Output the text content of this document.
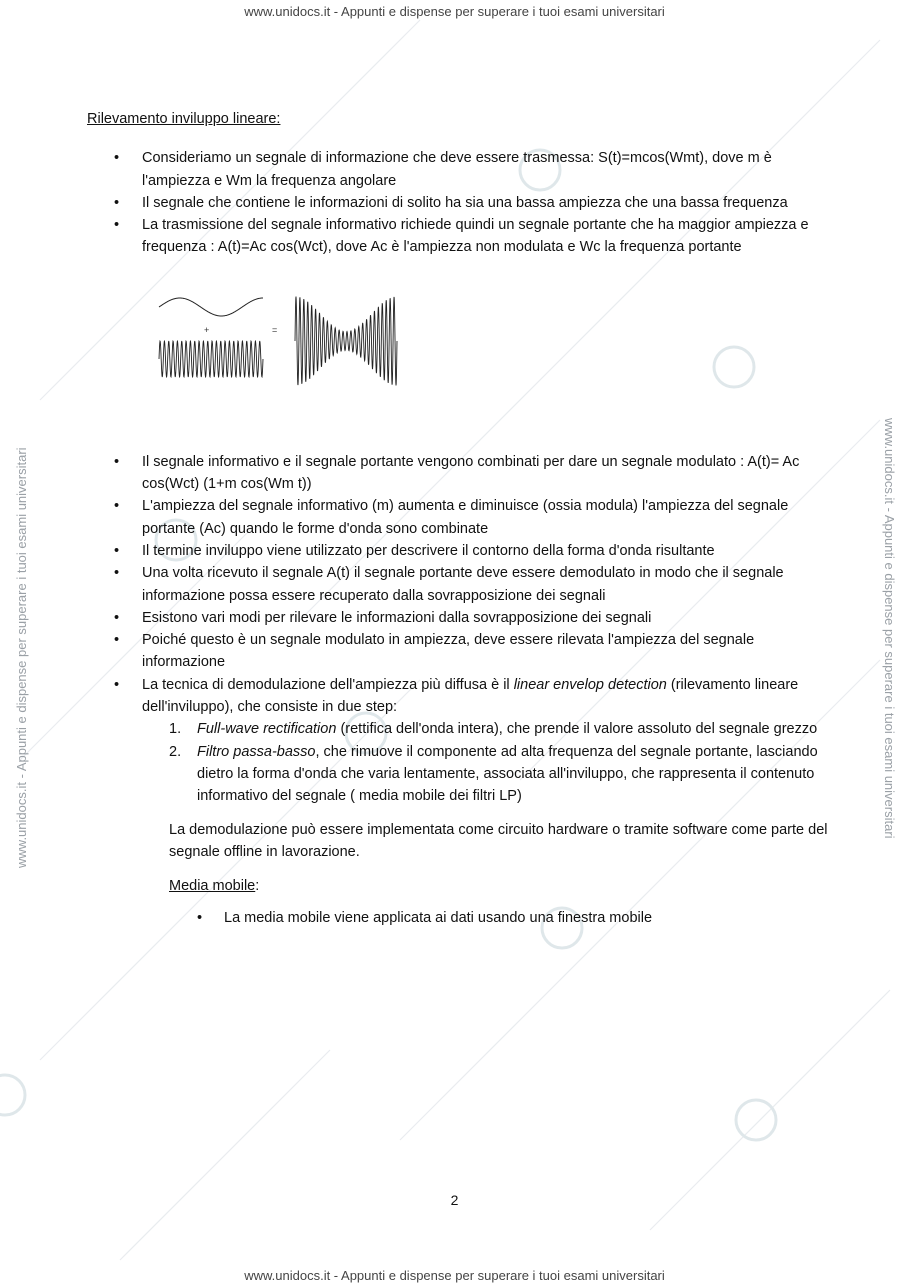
www.unidocs.it - Appunti e dispense per superare i tuoi esami universitari
www.unidocs.it - Appunti e dispense per superare i tuoi esami universitari
www.unidocs.it - Appunti e dispense per superare i tuoi esami universitari	www.unidocs.it - Appunti e dispense per superare i tuoi esami universitari
Rilevamento inviluppo lineare:
• Consideriamo un segnale di informazione che deve essere trasmessa: S(t)=mcos(Wmt), dove m è l'ampiezza e Wm la frequenza angolare
• Il segnale che contiene le informazioni di solito ha sia una bassa ampiezza che una bassa frequenza
• La trasmissione del segnale informativo richiede quindi un segnale portante che ha maggior ampiezza e frequenza : A(t)=Ac cos(Wct), dove Ac è l'ampiezza non modulata e Wc la frequenza portante
+	=
• Il segnale informativo e il segnale portante vengono combinati per dare un segnale modulato : A(t)= Ac cos(Wct) (1+m cos(Wm t))
• L'ampiezza del segnale informativo (m) aumenta e diminuisce (ossia modula) l'ampiezza del segnale portante (Ac) quando le forme d'onda sono combinate
• Il termine inviluppo viene utilizzato per descrivere il contorno della forma d'onda risultante
• Una volta ricevuto il segnale A(t) il segnale portante deve essere demodulato in modo che il segnale informazione possa essere recuperato dalla sovrapposizione dei segnali
• Esistono vari modi per rilevare le informazioni dalla sovrapposizione dei segnali
• Poiché questo è un segnale modulato in ampiezza, deve essere rilevata l'ampiezza del segnale informazione
• La tecnica di demodulazione dell'ampiezza più diffusa è il linear envelop detection (rilevamento lineare dell'inviluppo), che consiste in due step:
1. Full-wave rectification (rettifica dell'onda intera), che prende il valore assoluto del segnale grezzo
2. Filtro passa-basso, che rimuove il componente ad alta frequenza del segnale portante, lasciando dietro la forma d'onda che varia lentamente, associata all'inviluppo, che rappresenta il contenuto informativo del segnale ( media mobile dei filtri LP)
La demodulazione può essere implementata come circuito hardware o tramite software come parte del segnale offline in lavorazione.
Media mobile:
• La media mobile viene applicata ai dati usando una finestra mobile
2
